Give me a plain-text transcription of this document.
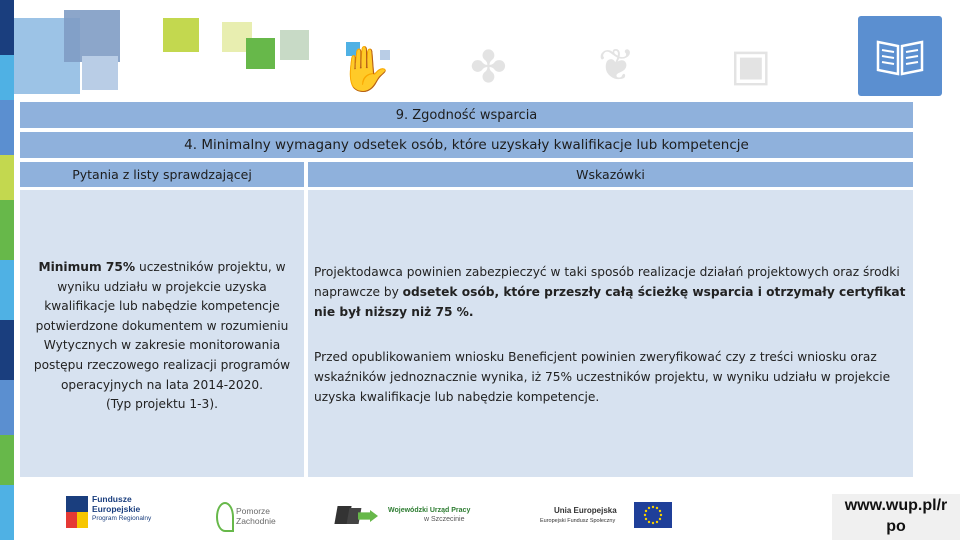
✋ ✤ ❦ ▣
9. Zgodność wsparcia
4. Minimalny wymagany odsetek osób, które uzyskały kwalifikacje lub kompetencje
Pytania z listy sprawdzającej	Wskazówki
Minimum 75% uczestników projektu, w wyniku udziału w projekcie uzyska kwalifikacje lub nabędzie kompetencje potwierdzone dokumentem w rozumieniu Wytycznych w zakresie monitorowania postępu rzeczowego realizacji programów operacyjnych na lata 2014-2020.
(Typ projektu 1-3).
Projektodawca powinien zabezpieczyć w taki sposób realizacje działań projektowych oraz środki naprawcze by odsetek osób, które przeszły całą ścieżkę wsparcia i otrzymały certyfikat nie był niższy niż 75 %.
Przed opublikowaniem wniosku Beneficjent powinien zweryfikować czy z treści wniosku oraz wskaźników jednoznacznie wynika, iż 75% uczestników projektu, w wyniku udziału w projekcie uzyska kwalifikacje lub nabędzie kompetencje.
Fundusze
Europejskie
Program Regionalny
Pomorze
Zachodnie
Wojewódzki Urząd Pracy
w Szczecinie
Unia Europejska
Europejski Fundusz Społeczny
www.wup.pl/r
po
